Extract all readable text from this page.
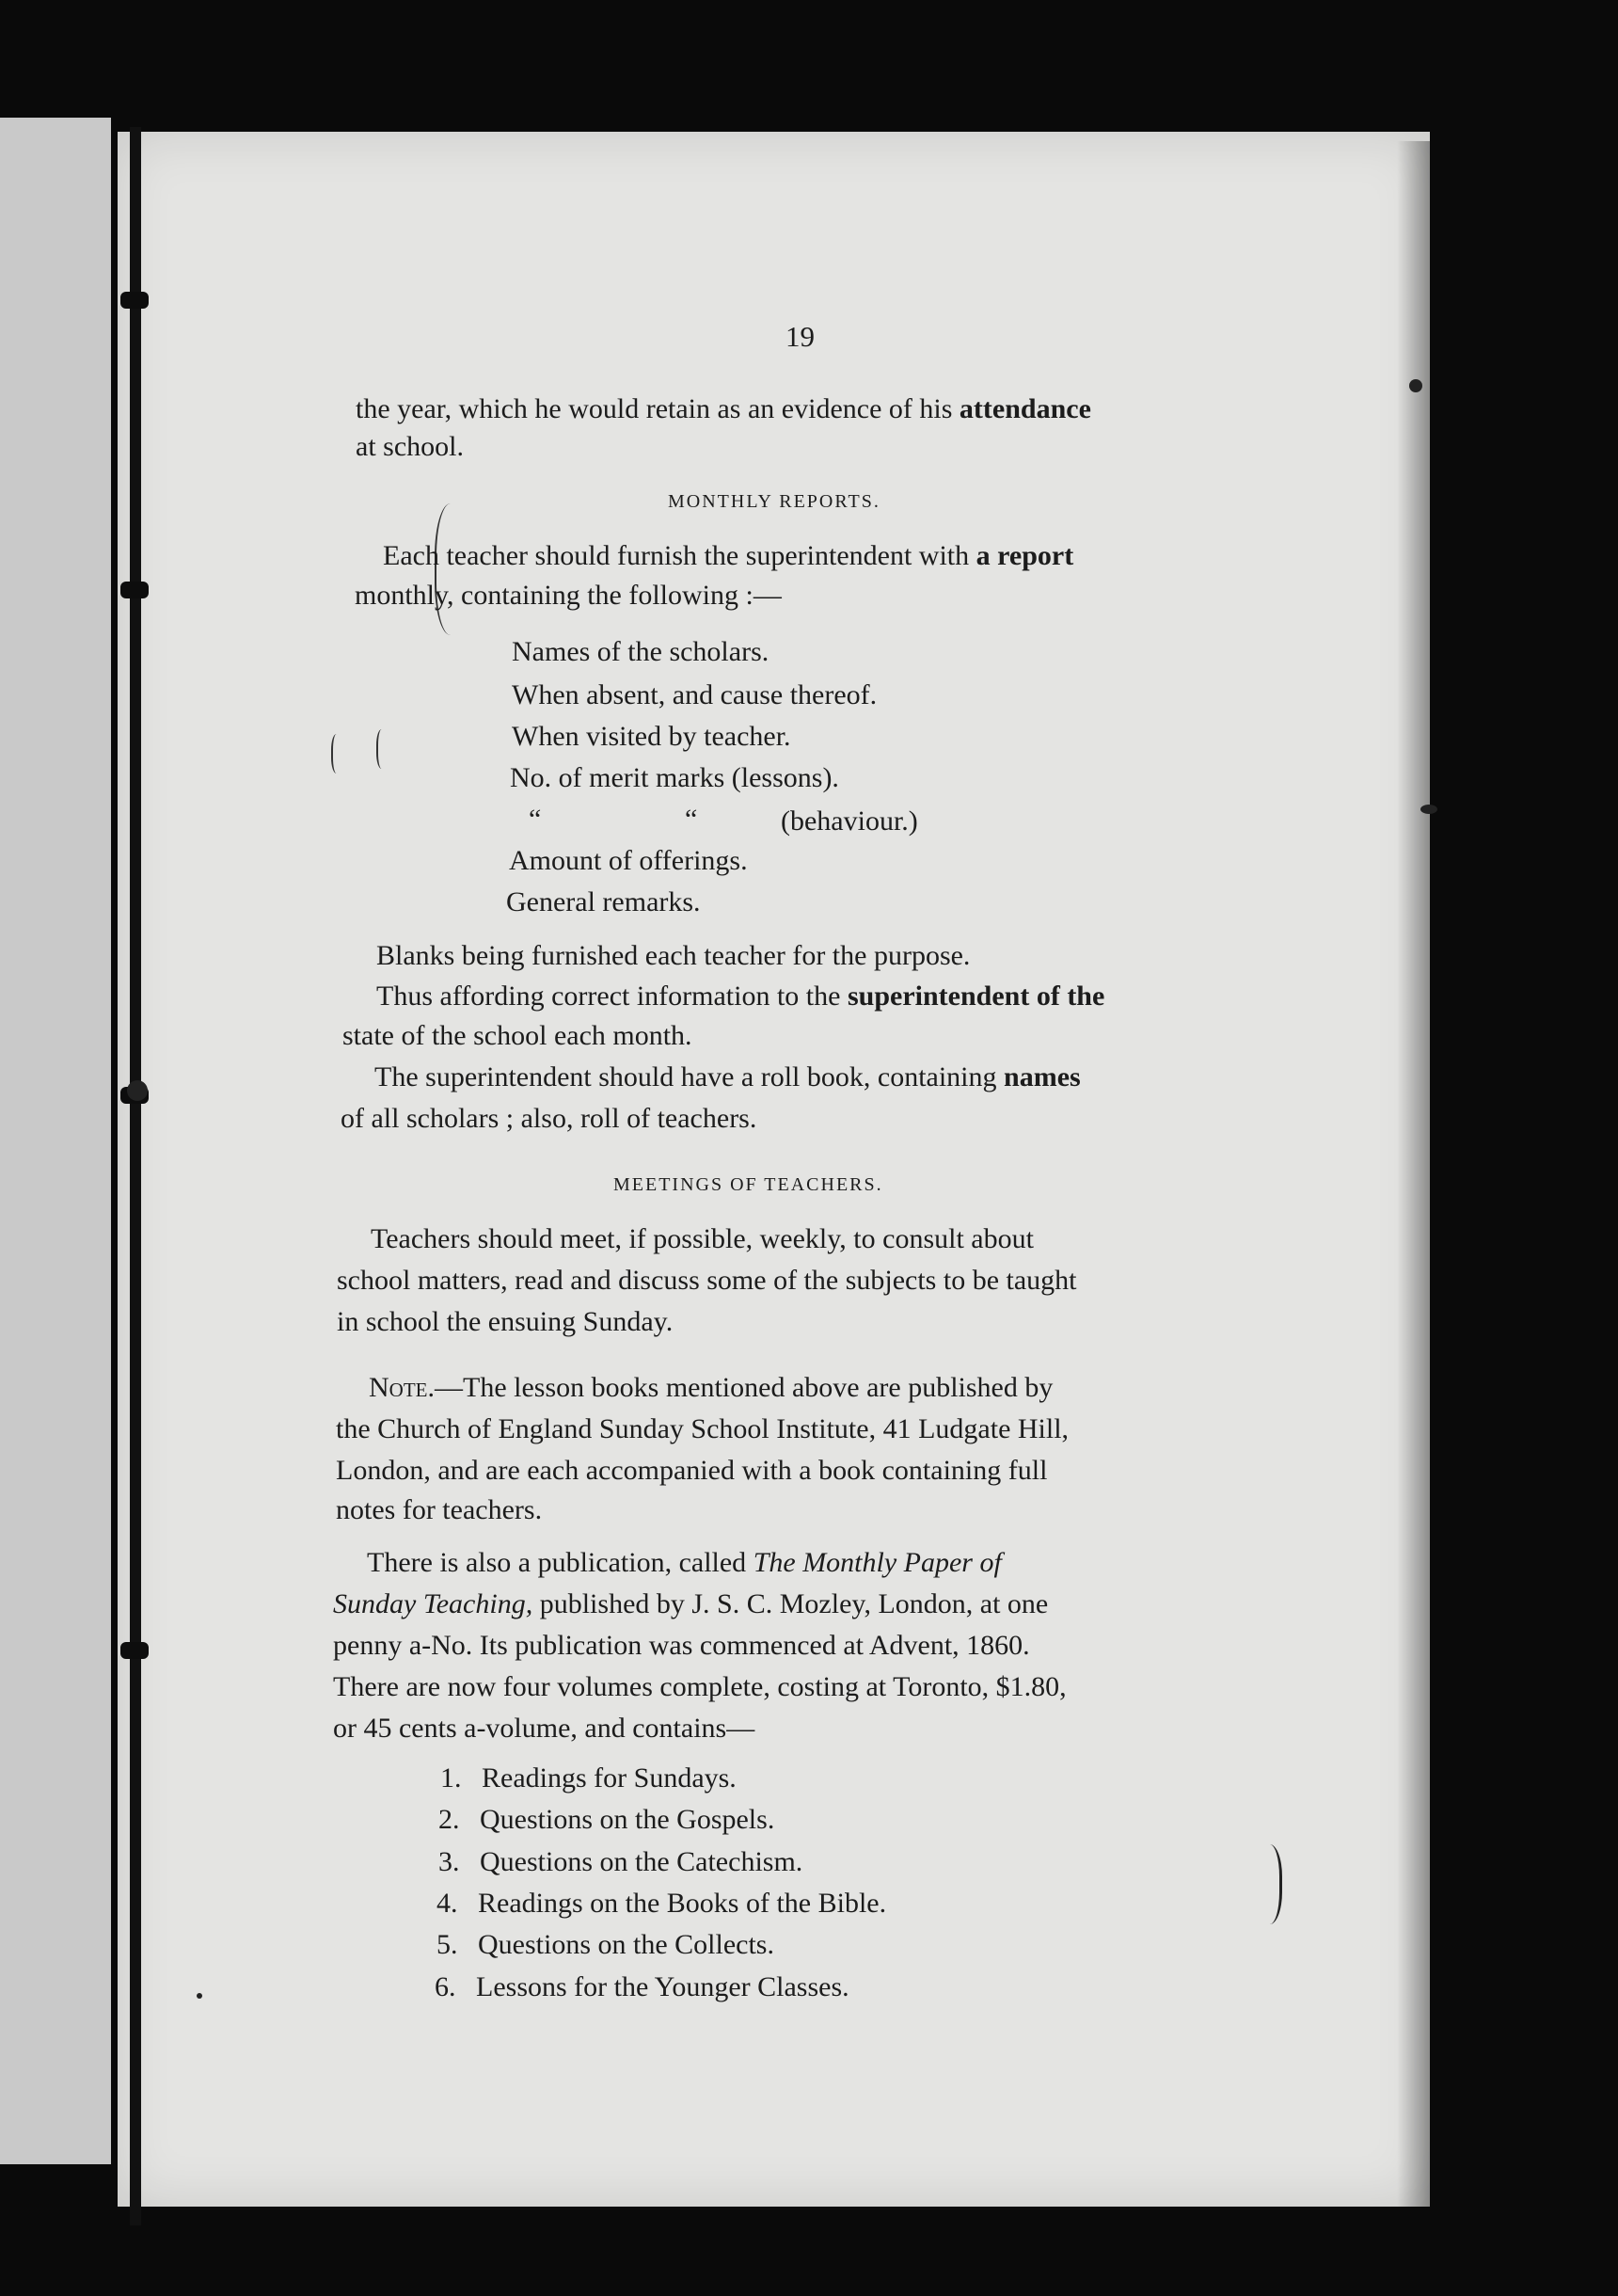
19
the year, which he would retain as an evidence of his attendance
at school.
MONTHLY REPORTS.
Each teacher should furnish the superintendent with a report
monthly, containing the following :—
Names of the scholars.
When absent, and cause thereof.
When visited by teacher.
No. of merit marks (lessons).
“	“	(behaviour.)
Amount of offerings.
General remarks.
Blanks being furnished each teacher for the purpose.
Thus affording correct information to the superintendent of the
state of the school each month.
The superintendent should have a roll book, containing names
of all scholars ; also, roll of teachers.
MEETINGS OF TEACHERS.
Teachers should meet, if possible, weekly, to consult about
school matters, read and discuss some of the subjects to be taught
in school the ensuing Sunday.
Note.—The lesson books mentioned above are published by
the Church of England Sunday School Institute, 41 Ludgate Hill,
London, and are each accompanied with a book containing full
notes for teachers.
There is also a publication, called The Monthly Paper of
Sunday Teaching, published by J. S. C. Mozley, London, at one
penny a-No. Its publication was commenced at Advent, 1860.
There are now four volumes complete, costing at Toronto, $1.80,
or 45 cents a-volume, and contains—
1. Readings for Sundays.
2. Questions on the Gospels.
3. Questions on the Catechism.
4. Readings on the Books of the Bible.
5. Questions on the Collects.
6. Lessons for the Younger Classes.
